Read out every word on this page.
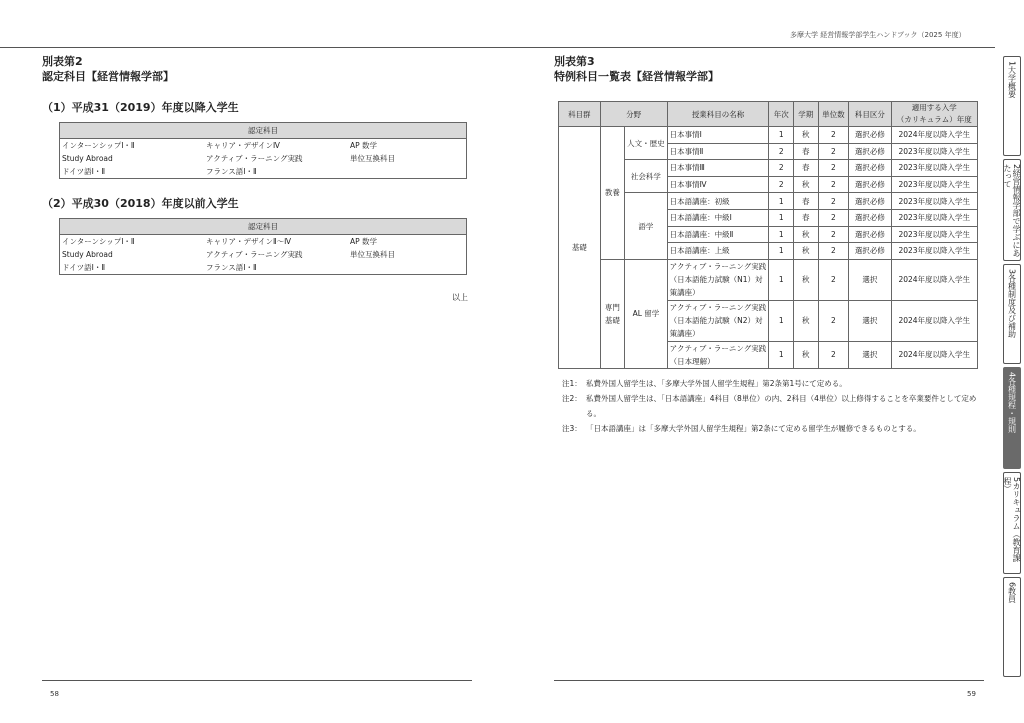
多摩大学 経営情報学部学生ハンドブック（2025 年度）
別表第2
認定科目【経営情報学部】
（1）平成31（2019）年度以降入学生
認定科目		
インターンシップⅠ・Ⅱ	キャリア・デザインⅣ	AP 数学
Study Abroad	アクティブ・ラーニング実践	単位互換科目
ドイツ語Ⅰ・Ⅱ	フランス語Ⅰ・Ⅱ	
（2）平成30（2018）年度以前入学生
認定科目		
インターンシップⅠ・Ⅱ	キャリア・デザインⅡ～Ⅳ	AP 数学
Study Abroad	アクティブ・ラーニング実践	単位互換科目
ドイツ語Ⅰ・Ⅱ	フランス語Ⅰ・Ⅱ	
以上
58
別表第3
特例科目一覧表【経営情報学部】
科目群	分野		授業科目の名称	年次	学期	単位数	科目区分	適用する入学
（カリキュラム）年度

基礎	教養	人文・歴史	日本事情Ⅰ	1	秋	2	選択必修	2024年度以降入学生
			日本事情Ⅱ	2	春	2	選択必修	2023年度以降入学生
		社会科学	日本事情Ⅲ	2	春	2	選択必修	2023年度以降入学生
			日本事情Ⅳ	2	秋	2	選択必修	2023年度以降入学生
		語学	日本語講座：初級	1	春	2	選択必修	2023年度以降入学生
			日本語講座：中級Ⅰ	1	春	2	選択必修	2023年度以降入学生
			日本語講座：中級Ⅱ	1	秋	2	選択必修	2023年度以降入学生
			日本語講座：上級	1	秋	2	選択必修	2023年度以降入学生
	専門基礎	AL 留学	アクティブ・ラーニング実践（日本語能力試験（N1）対策講座）	1	秋	2	選択	2024年度以降入学生
			アクティブ・ラーニング実践（日本語能力試験（N2）対策講座）	1	秋	2	選択	2024年度以降入学生
			アクティブ・ラーニング実践（日本理解）	1	秋	2	選択	2024年度以降入学生
注1： 私費外国人留学生は、「多摩大学外国人留学生規程」第2条第1号にて定める。
注2： 私費外国人留学生は、「日本語講座」4科目（8単位）の内、2科目（4単位）以上修得することを卒業要件として定める。
注3： 「日本語講座」は「多摩大学外国人留学生規程」第2条にて定める留学生が履修できるものとする。
59
1大学概要
2経営情報学部で学ぶにあたって
3各種制度及び補助
4各種規程・規則
5カリキュラム（教育課程）
6教員
